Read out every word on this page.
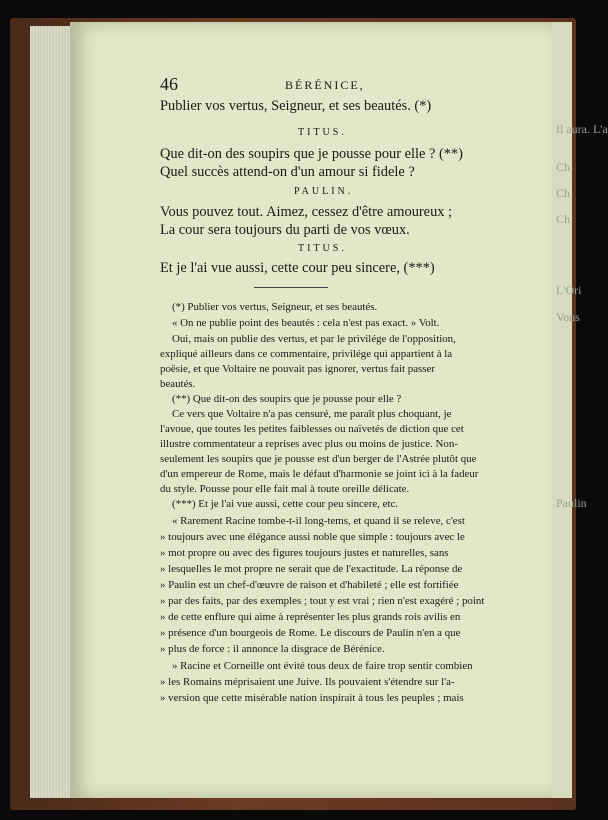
Il aura. L'a
Ch
Ch
Ch
L'Ori
Vous
Paulin
46	BÉRÉNICE,
Publier vos vertus, Seigneur, et ses beautés. (*)
TITUS.
Que dit-on des soupirs que je pousse pour elle ? (**)
Quel succès attend-on d'un amour si fidele ?
PAULIN.
Vous pouvez tout. Aimez, cessez d'être amoureux ;
La cour sera toujours du parti de vos vœux.
TITUS.
Et je l'ai vue aussi, cette cour peu sincere, (***)
(*) Publier vos vertus, Seigneur, et ses beautés.
« On ne publie point des beautés : cela n'est pas exact. » Volt.
Oui, mais on publie des vertus, et par le privilége de l'opposition,
expliqué ailleurs dans ce commentaire, privilége qui appartient à la
poësie, et que Voltaire ne pouvait pas ignorer, vertus fait passer
beautés.
(**) Que dit-on des soupirs que je pousse pour elle ?
Ce vers que Voltaire n'a pas censuré, me paraît plus choquant, je
l'avoue, que toutes les petites faiblesses ou naïvetés de diction que cet
illustre commentateur a reprises avec plus ou moins de justice. Non-
seulement les soupirs que je pousse est d'un berger de l'Astrée plutôt que
d'un empereur de Rome, mais le défaut d'harmonie se joint ici à la fadeur
du style. Pousse pour elle fait mal à toute oreille délicate.
(***) Et je l'ai vue aussi, cette cour peu sincere, etc.
« Rarement Racine tombe-t-il long-tems, et quand il se releve, c'est
» toujours avec une élégance aussi noble que simple : toujours avec le
» mot propre ou avec des figures toujours justes et naturelles, sans
» lesquelles le mot propre ne serait que de l'exactitude. La réponse de
» Paulin est un chef-d'œuvre de raison et d'habileté ; elle est fortifiée
» par des faits, par des exemples ; tout y est vrai ; rien n'est exagéré ; point
» de cette enflure qui aime à représenter les plus grands rois avilis en
» présence d'un bourgeois de Rome. Le discours de Paulin n'en a que
» plus de force : il annonce la disgrace de Bérénice.
» Racine et Corneille ont évité tous deux de faire trop sentir combien
» les Romains méprisaient une Juive. Ils pouvaient s'étendre sur l'a-
» version que cette misérable nation inspirait à tous les peuples ; mais
